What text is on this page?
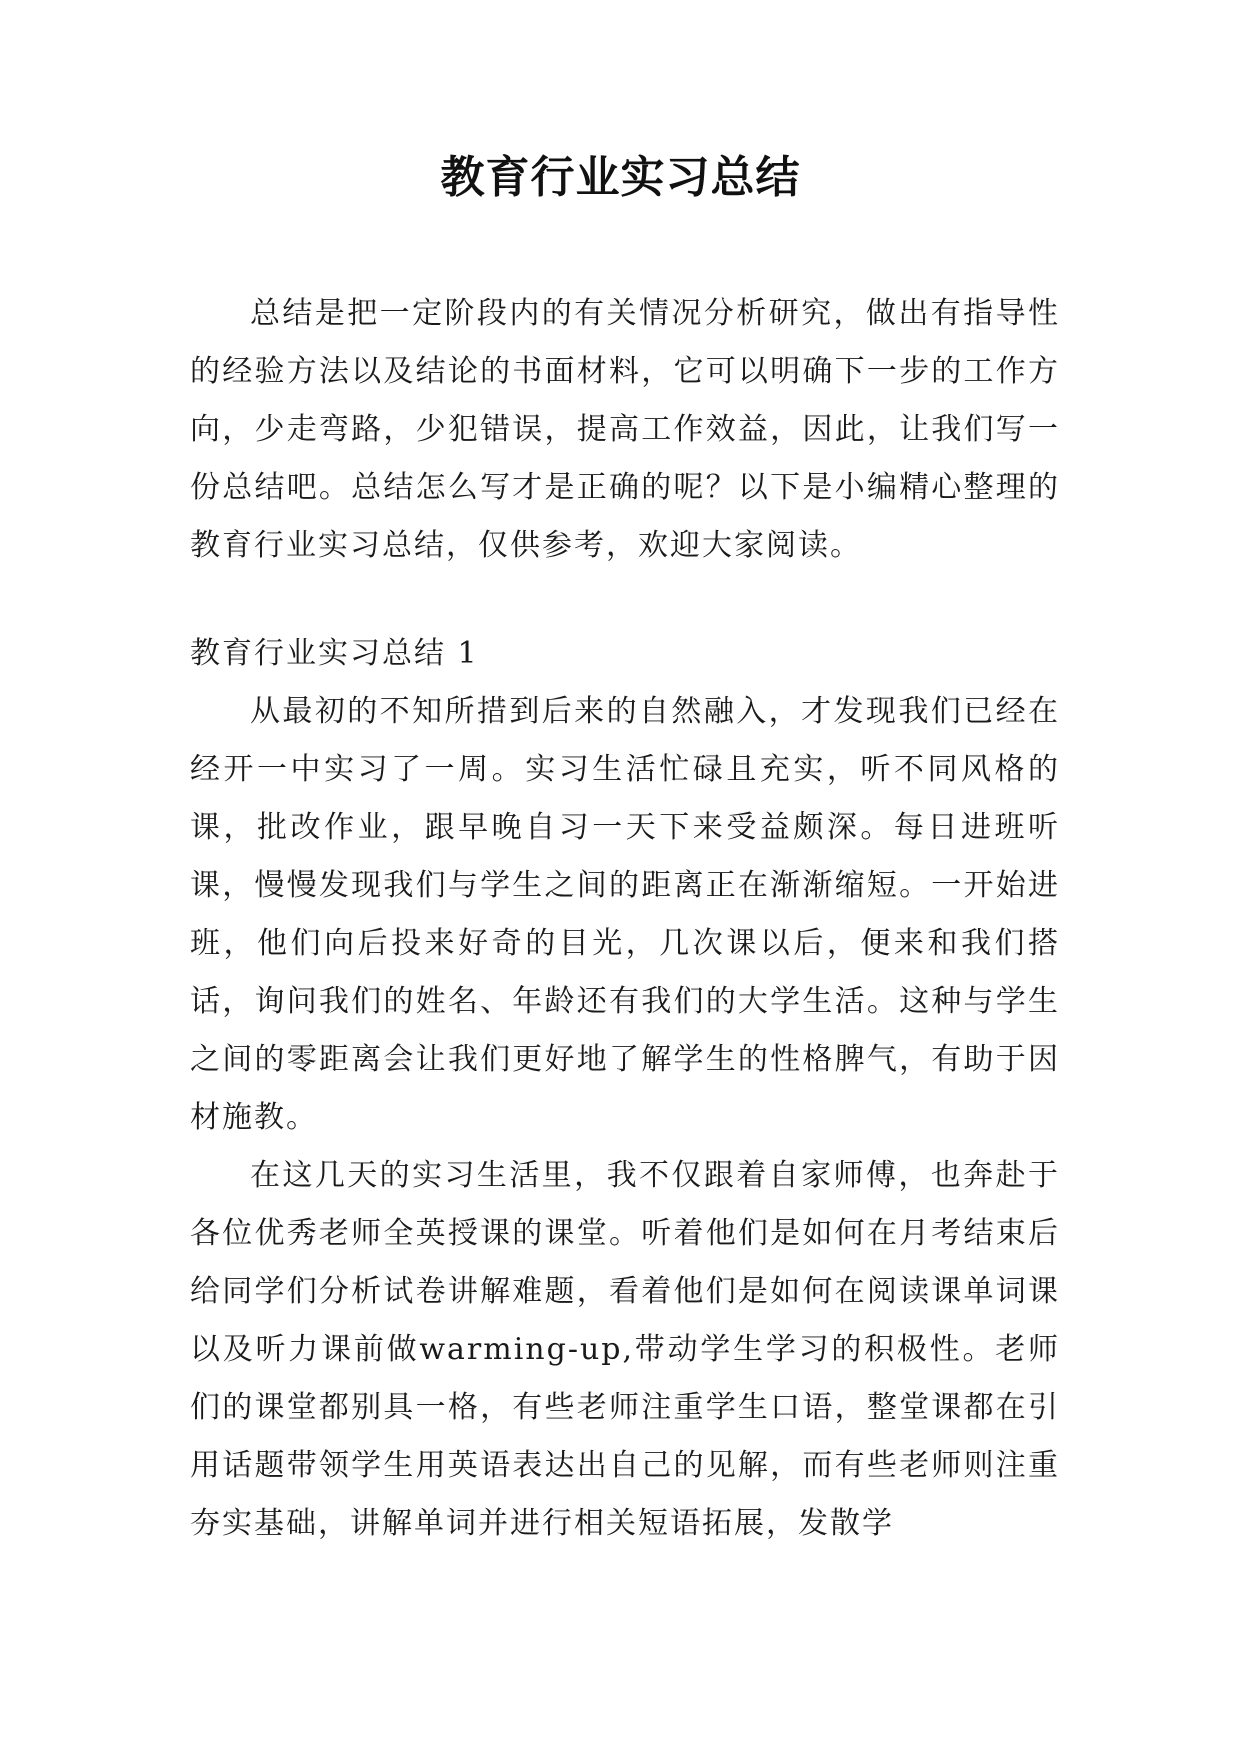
教育行业实习总结

总结是把一定阶段内的有关情况分析研究，做出有指导性的经验方法以及结论的书面材料，它可以明确下一步的工作方向，少走弯路，少犯错误，提高工作效益，因此，让我们写一份总结吧。总结怎么写才是正确的呢？以下是小编精心整理的教育行业实习总结，仅供参考，欢迎大家阅读。

教育行业实习总结 1

从最初的不知所措到后来的自然融入，才发现我们已经在经开一中实习了一周。实习生活忙碌且充实，听不同风格的课，批改作业，跟早晚自习一天下来受益颇深。每日进班听课，慢慢发现我们与学生之间的距离正在渐渐缩短。一开始进班，他们向后投来好奇的目光，几次课以后，便来和我们搭话，询问我们的姓名、年龄还有我们的大学生活。这种与学生之间的零距离会让我们更好地了解学生的性格脾气，有助于因材施教。

在这几天的实习生活里，我不仅跟着自家师傅，也奔赴于各位优秀老师全英授课的课堂。听着他们是如何在月考结束后给同学们分析试卷讲解难题，看着他们是如何在阅读课单词课以及听力课前做warming-up,带动学生学习的积极性。老师们的课堂都别具一格，有些老师注重学生口语，整堂课都在引用话题带领学生用英语表达出自己的见解，而有些老师则注重夯实基础，讲解单词并进行相关短语拓展，发散学
